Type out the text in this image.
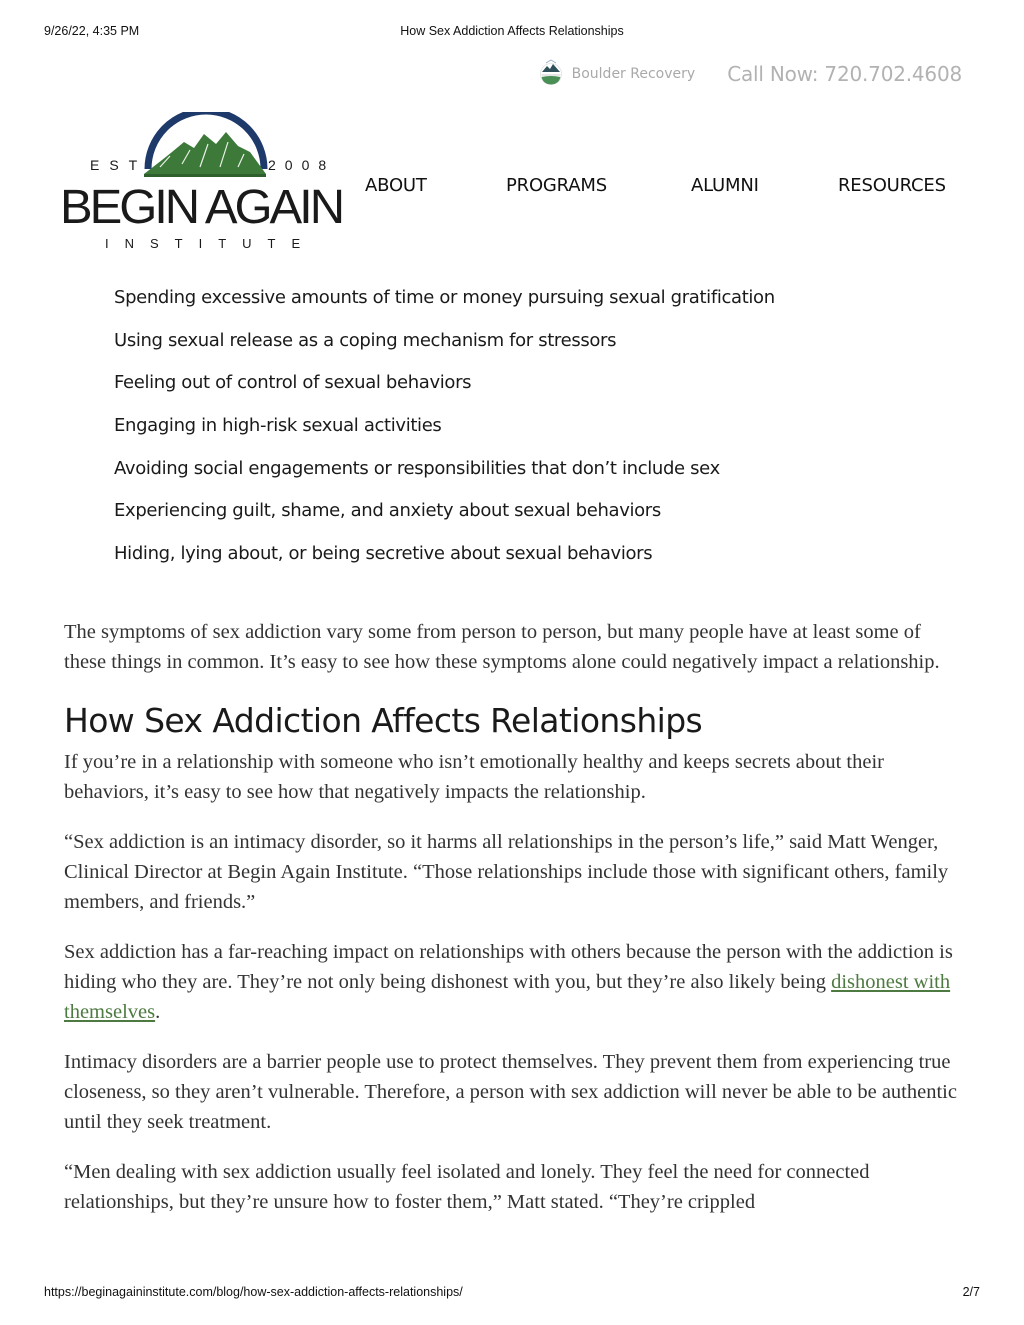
9/26/22, 4:35 PM	How Sex Addiction Affects Relationships
Boulder Recovery Call Now: 720.702.4608
EST	2008
BEGIN AGAIN
INSTITUTE
ABOUT	PROGRAMS	ALUMNI	RESOURCES
Spending excessive amounts of time or money pursuing sexual gratification
Using sexual release as a coping mechanism for stressors
Feeling out of control of sexual behaviors
Engaging in high-risk sexual activities
Avoiding social engagements or responsibilities that don’t include sex
Experiencing guilt, shame, and anxiety about sexual behaviors
Hiding, lying about, or being secretive about sexual behaviors

The symptoms of sex addiction vary some from person to person, but many people have at least some of these things in common. It’s easy to see how these symptoms alone could negatively impact a relationship.

How Sex Addiction Affects Relationships

If you’re in a relationship with someone who isn’t emotionally healthy and keeps secrets about their behaviors, it’s easy to see how that negatively impacts the relationship.

“Sex addiction is an intimacy disorder, so it harms all relationships in the person’s life,” said Matt Wenger, Clinical Director at Begin Again Institute. “Those relationships include those with significant others, family members, and friends.”

Sex addiction has a far-reaching impact on relationships with others because the person with the addiction is hiding who they are. They’re not only being dishonest with you, but they’re also likely being dishonest with themselves.

Intimacy disorders are a barrier people use to protect themselves. They prevent them from experiencing true closeness, so they aren’t vulnerable. Therefore, a person with sex addiction will never be able to be authentic until they seek treatment.

“Men dealing with sex addiction usually feel isolated and lonely. They feel the need for connected relationships, but they’re unsure how to foster them,” Matt stated. “They’re crippled

https://beginagaininstitute.com/blog/how-sex-addiction-affects-relationships/	2/7
